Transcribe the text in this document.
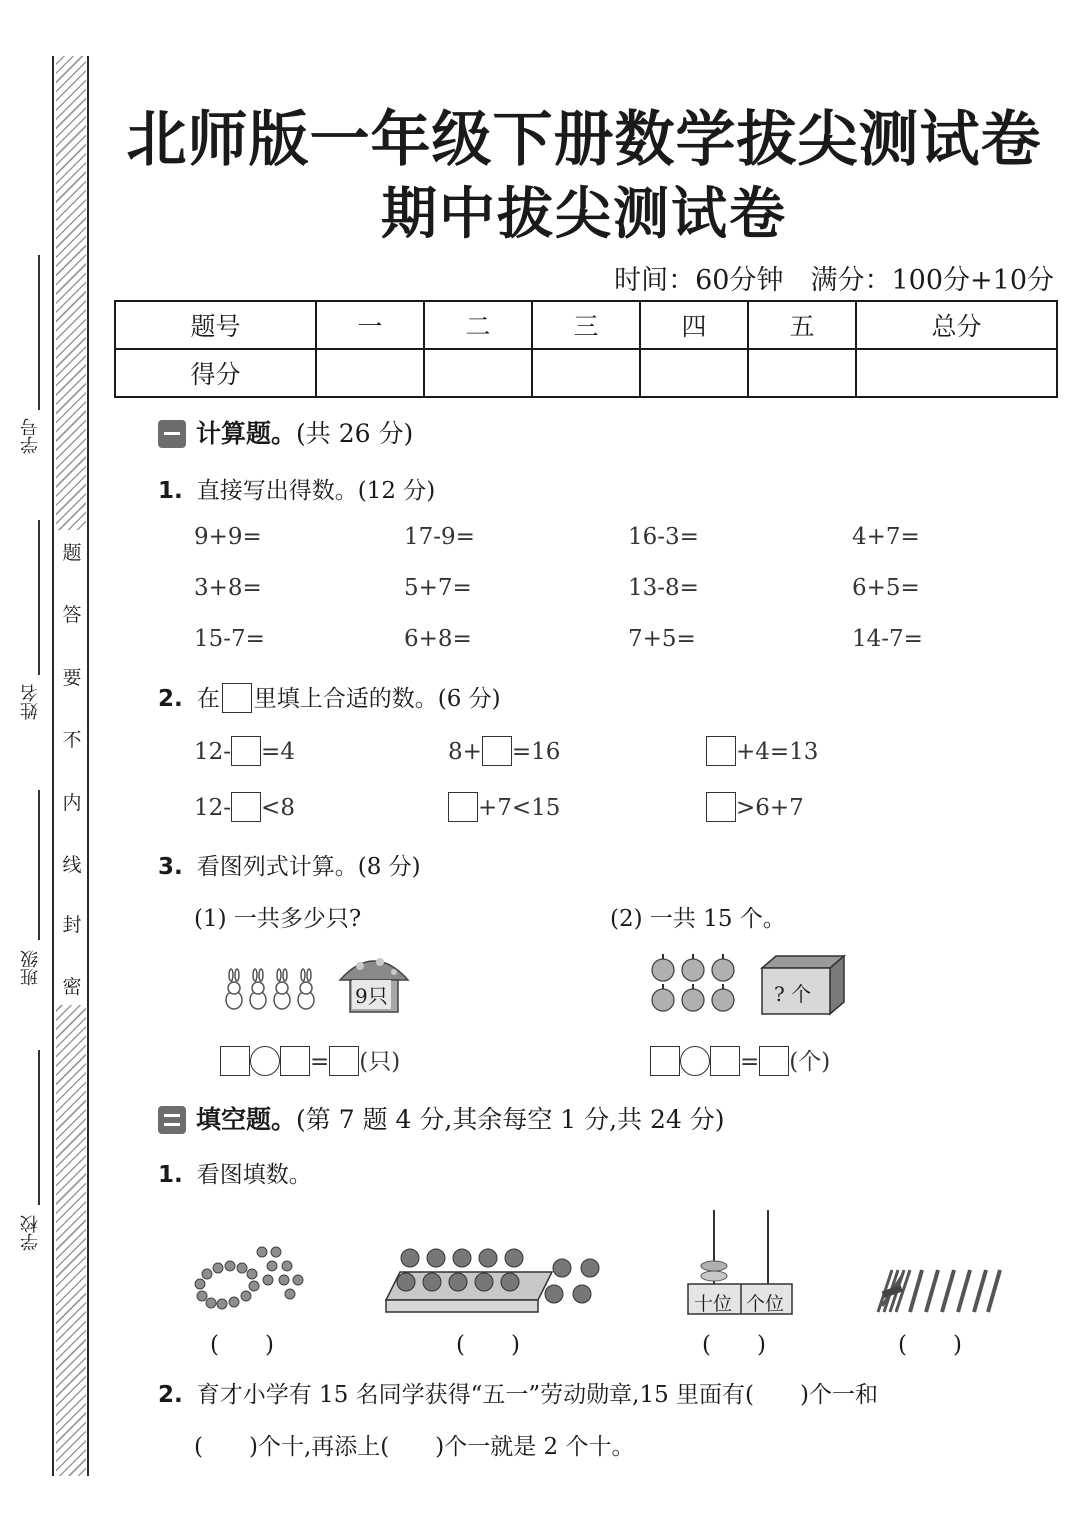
密
封
线
内
不
要
答
题
学号
姓名
班级
学校
北师版一年级下册数学拔尖测试卷
期中拔尖测试卷
时间：60分钟　满分：100分+10分
题号	一	二	三	四	五	总分
得分						
计算题。(共 26 分)
1. 直接写出得数。(12 分)
9+9=	17-9=	16-3=	4+7=
3+8=	5+7=	13-8=	6+5=
15-7=	6+8=	7+5=	14-7=
2. 在 里填上合适的数。(6 分)
12- =4	8+ =16	+4=13
12- <8	+7<15	>6+7
3. 看图列式计算。(8 分)
(1) 一共多少只?	(2) 一共 15 个。
9只
= (只)
? 个
= (个)
填空题。(第 7 题 4 分,其余每空 1 分,共 24 分)
1. 看图填数。
十位 个位
(　　)	(　　)	(　　)	(　　)
2. 育才小学有 15 名同学获得“五一”劳动勋章,15 里面有(　　)个一和
(　　)个十,再添上(　　)个一就是 2 个十。
